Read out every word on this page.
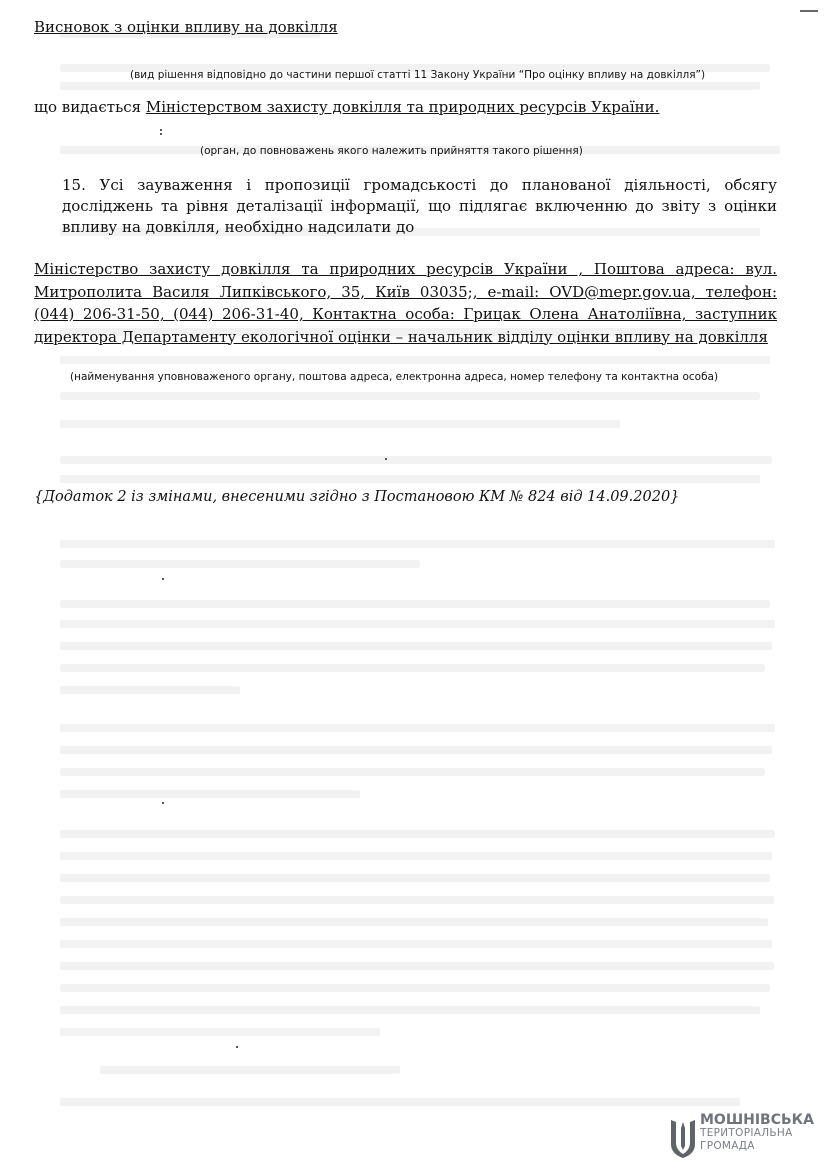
Висновок з оцінки впливу на довкілля
(вид рішення відповідно до частини першої статті 11 Закону України “Про оцінку впливу на довкілля”)
що видається Міністерством захисту довкілля та природних ресурсів України.
(орган, до повноважень якого належить прийняття такого рішення)
15. Усі зауваження і пропозиції громадськості до планованої діяльності, обсягу досліджень та рівня деталізації інформації, що підлягає включенню до звіту з оцінки впливу на довкілля, необхідно надсилати до
Міністерство захисту довкілля та природних ресурсів України , Поштова адреса: вул. Митрополита Василя Липківського, 35, Київ 03035;, e-mail: OVD@mepr.gov.ua, телефон: (044) 206-31-50, (044) 206-31-40, Контактна особа: Грицак Олена Анатоліївна, заступник директора Департаменту екологічної оцінки – начальник відділу оцінки впливу на довкілля
(найменування уповноваженого органу, поштова адреса, електронна адреса, номер телефону та контактна особа)
{Додаток 2 із змінами, внесеними згідно з Постановою КМ № 824 від 14.09.2020}
МОШНІВСЬКА
ТЕРИТОРІАЛЬНА
ГРОМАДА
